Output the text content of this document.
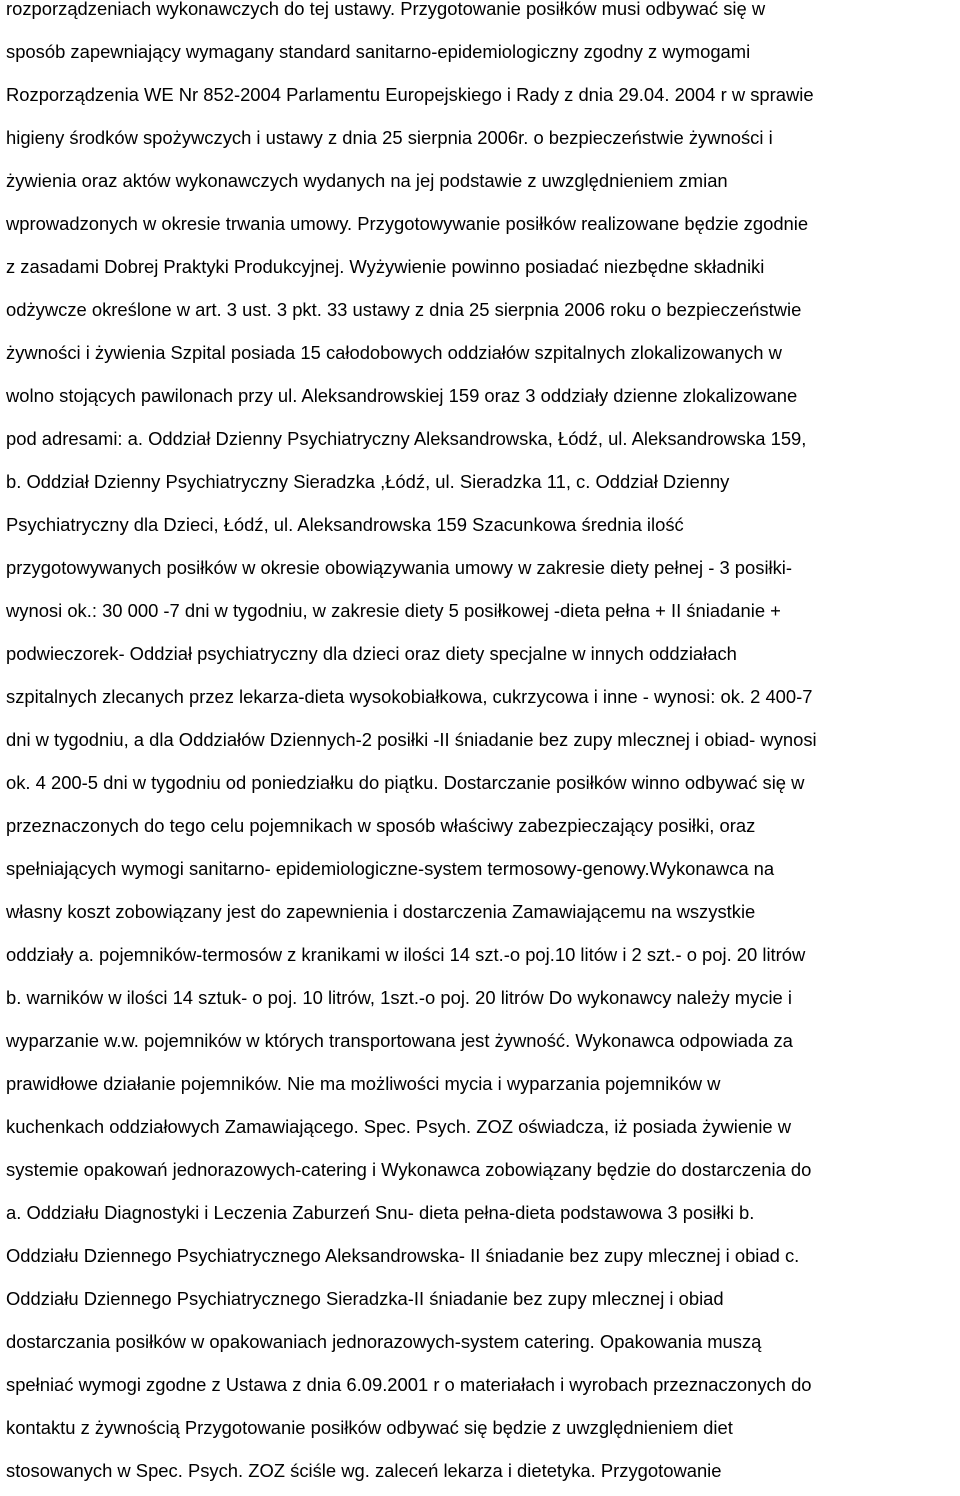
rozporządzeniach wykonawczych do tej ustawy. Przygotowanie posiłków musi odbywać się w
sposób zapewniający wymagany standard sanitarno-epidemiologiczny zgodny z wymogami
Rozporządzenia WE Nr 852-2004 Parlamentu Europejskiego i Rady z dnia 29.04. 2004 r w sprawie
higieny środków spożywczych i ustawy z dnia 25 sierpnia 2006r. o bezpieczeństwie żywności i
żywienia oraz aktów wykonawczych wydanych na jej podstawie z uwzględnieniem zmian
wprowadzonych w okresie trwania umowy. Przygotowywanie posiłków realizowane będzie zgodnie
z zasadami Dobrej Praktyki Produkcyjnej. Wyżywienie powinno posiadać niezbędne składniki
odżywcze określone w art. 3 ust. 3 pkt. 33 ustawy z dnia 25 sierpnia 2006 roku o bezpieczeństwie
żywności i żywienia Szpital posiada 15 całodobowych oddziałów szpitalnych zlokalizowanych w
wolno stojących pawilonach przy ul. Aleksandrowskiej 159 oraz 3 oddziały dzienne zlokalizowane
pod adresami: a. Oddział Dzienny Psychiatryczny Aleksandrowska, Łódź, ul. Aleksandrowska 159,
b. Oddział Dzienny Psychiatryczny Sieradzka ,Łódź, ul. Sieradzka 11, c. Oddział Dzienny
Psychiatryczny dla Dzieci, Łódź, ul. Aleksandrowska 159 Szacunkowa średnia ilość
przygotowywanych posiłków w okresie obowiązywania umowy w zakresie diety pełnej - 3 posiłki-
wynosi ok.: 30 000 -7 dni w tygodniu, w zakresie diety 5 posiłkowej -dieta pełna + II śniadanie +
podwieczorek- Oddział psychiatryczny dla dzieci oraz diety specjalne w innych oddziałach
szpitalnych zlecanych przez lekarza-dieta wysokobiałkowa, cukrzycowa i inne - wynosi: ok. 2 400-7
dni w tygodniu, a dla Oddziałów Dziennych-2 posiłki -II śniadanie bez zupy mlecznej i obiad- wynosi
ok. 4 200-5 dni w tygodniu od poniedziałku do piątku. Dostarczanie posiłków winno odbywać się w
przeznaczonych do tego celu pojemnikach w sposób właściwy zabezpieczający posiłki, oraz
spełniających wymogi sanitarno- epidemiologiczne-system termosowy-genowy.Wykonawca na
własny koszt zobowiązany jest do zapewnienia i dostarczenia Zamawiającemu na wszystkie
oddziały a. pojemników-termosów z kranikami w ilości 14 szt.-o poj.10 litów i 2 szt.- o poj. 20 litrów
b. warników w ilości 14 sztuk- o poj. 10 litrów, 1szt.-o poj. 20 litrów Do wykonawcy należy mycie i
wyparzanie w.w. pojemników w których transportowana jest żywność. Wykonawca odpowiada za
prawidłowe działanie pojemników. Nie ma możliwości mycia i wyparzania pojemników w
kuchenkach oddziałowych Zamawiającego. Spec. Psych. ZOZ oświadcza, iż posiada żywienie w
systemie opakowań jednorazowych-catering i Wykonawca zobowiązany będzie do dostarczenia do
a. Oddziału Diagnostyki i Leczenia Zaburzeń Snu- dieta pełna-dieta podstawowa 3 posiłki b.
Oddziału Dziennego Psychiatrycznego Aleksandrowska- II śniadanie bez zupy mlecznej i obiad c.
Oddziału Dziennego Psychiatrycznego Sieradzka-II śniadanie bez zupy mlecznej i obiad
dostarczania posiłków w opakowaniach jednorazowych-system catering. Opakowania muszą
spełniać wymogi zgodne z Ustawa z dnia 6.09.2001 r o materiałach i wyrobach przeznaczonych do
kontaktu z żywnością Przygotowanie posiłków odbywać się będzie z uwzględnieniem diet
stosowanych w Spec. Psych. ZOZ ściśle wg. zaleceń lekarza i dietetyka. Przygotowanie
